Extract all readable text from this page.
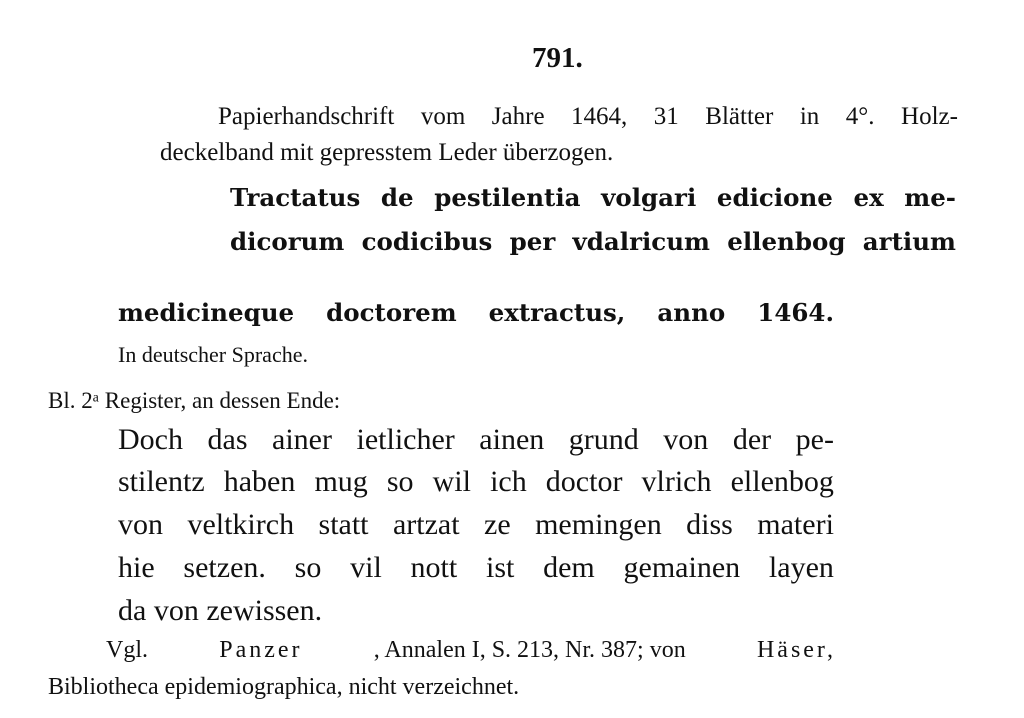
791.

Papierhandschrift vom Jahre 1464, 31 Blätter in 4°. Holz-

deckelband mit gepresstem Leder überzogen.

Tractatus de pestilentia volgari edicione ex me-

dicorum codicibus per vdalricum ellenbog artium

medicineque doctorem extractus, anno 1464.

In deutscher Sprache.

Bl. 2ᵃ Register, an dessen Ende:

Doch das ainer ietlicher ainen grund von der pe-

stilentz haben mug so wil ich doctor vlrich ellenbog

von veltkirch statt artzat ze memingen diss materi

hie setzen. so vil nott ist dem gemainen layen

da von zewissen.

Vgl.	Panzer	, Annalen I, S. 213, Nr. 387; von	Häser,

Bibliotheca epidemiographica, nicht verzeichnet.
